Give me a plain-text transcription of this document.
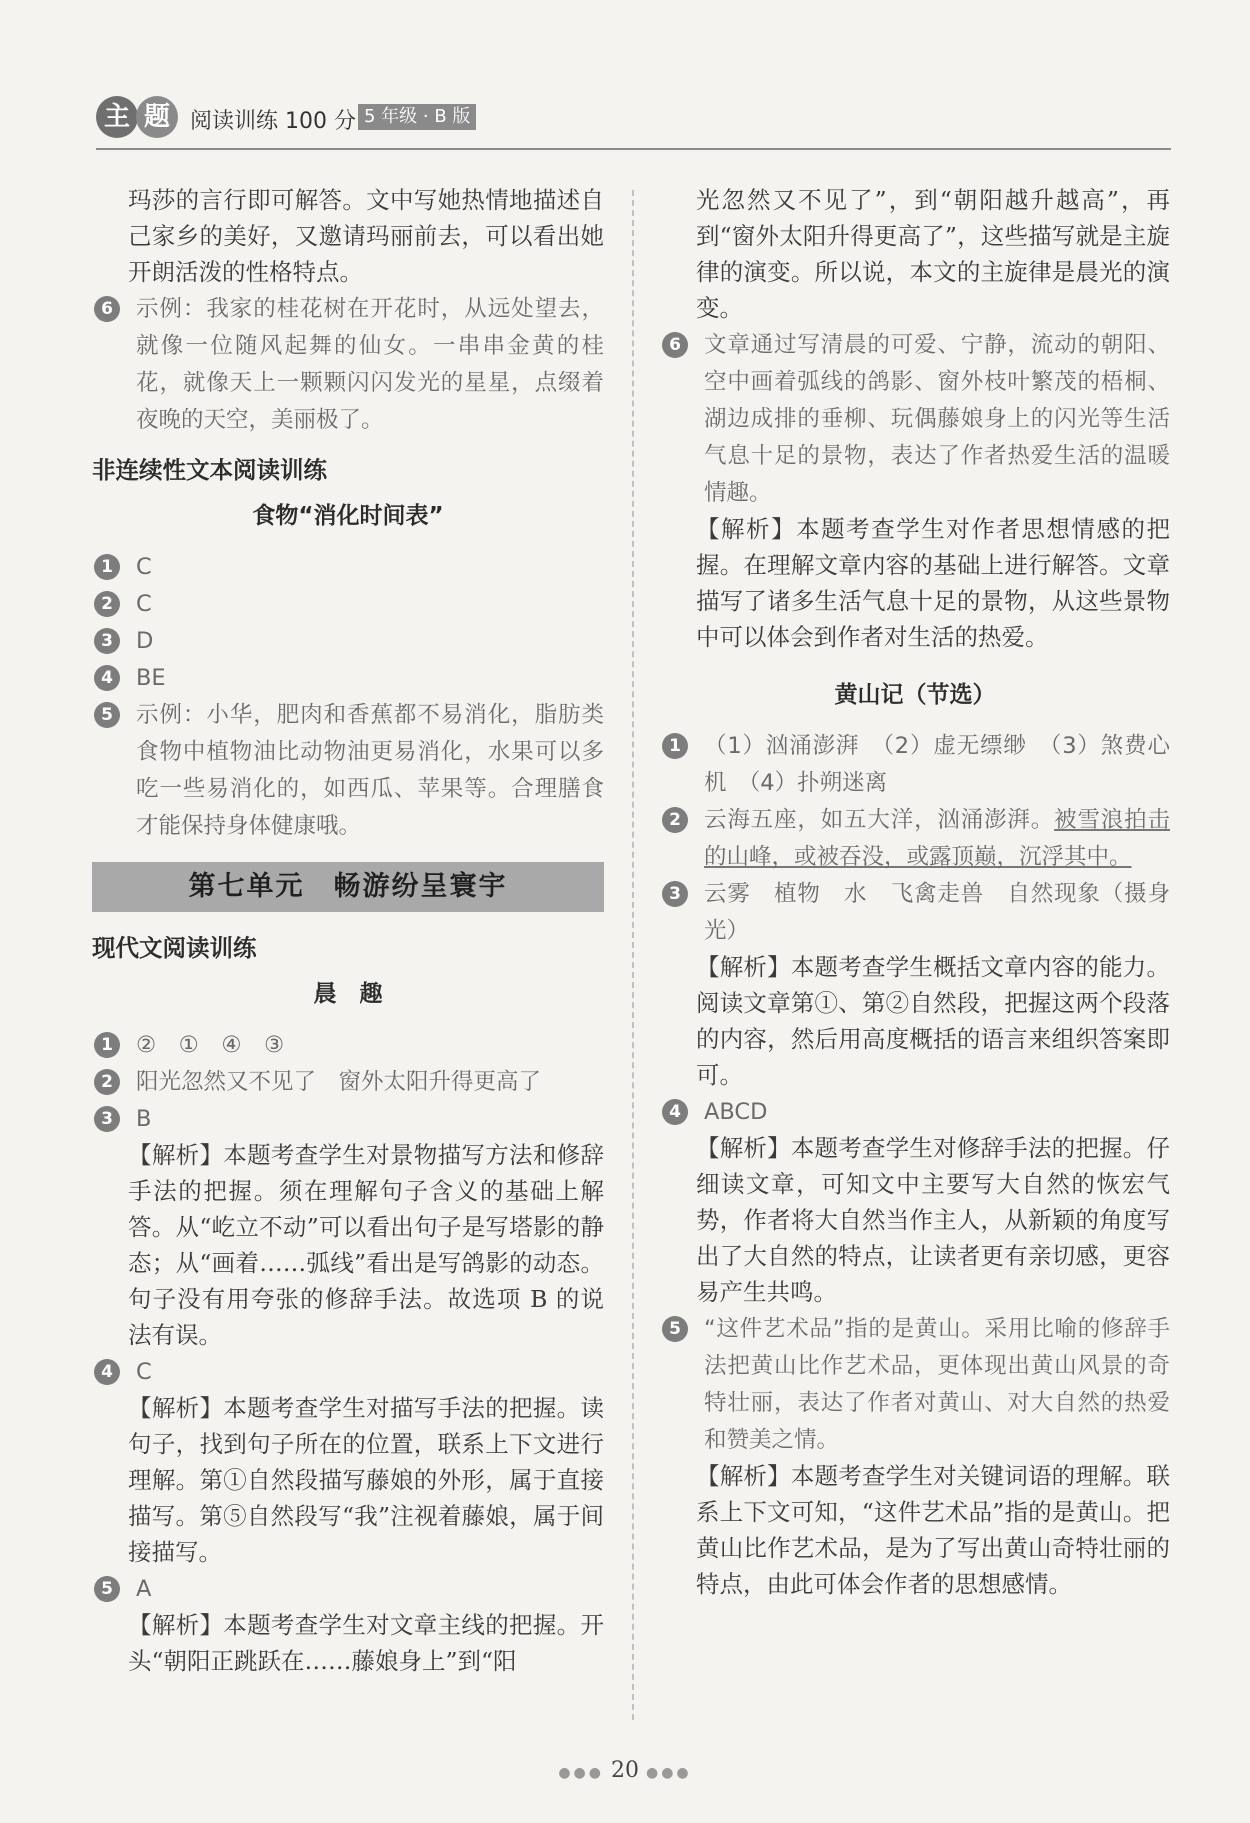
主 题 阅读训练 100 分 5 年级 · B 版

玛莎的言行即可解答。文中写她热情地描述自己家乡的美好，又邀请玛丽前去，可以看出她开朗活泼的性格特点。

6	示例：我家的桂花树在开花时，从远处望去，就像一位随风起舞的仙女。一串串金黄的桂花，就像天上一颗颗闪闪发光的星星，点缀着夜晚的天空，美丽极了。
非连续性文本阅读训练
食物“消化时间表”
1	C
2	C
3	D
4	BE
5	示例：小华，肥肉和香蕉都不易消化，脂肪类食物中植物油比动物油更易消化，水果可以多吃一些易消化的，如西瓜、苹果等。合理膳食才能保持身体健康哦。
第七单元　畅游纷呈寰宇
现代文阅读训练
晨　趣
1	②　①　④　③
2	阳光忽然又不见了　窗外太阳升得更高了
3	B

【解析】本题考查学生对景物描写方法和修辞手法的把握。须在理解句子含义的基础上解答。从“屹立不动”可以看出句子是写塔影的静态；从“画着……弧线”看出是写鸽影的动态。句子没有用夸张的修辞手法。故选项 B 的说法有误。

4	C

【解析】本题考查学生对描写手法的把握。读句子，找到句子所在的位置，联系上下文进行理解。第①自然段描写藤娘的外形，属于直接描写。第⑤自然段写“我”注视着藤娘，属于间接描写。

5	A

【解析】本题考查学生对文章主线的把握。开头“朝阳正跳跃在……藤娘身上”到“阳

光忽然又不见了”，到“朝阳越升越高”，再到“窗外太阳升得更高了”，这些描写就是主旋律的演变。所以说，本文的主旋律是晨光的演变。

6	文章通过写清晨的可爱、宁静，流动的朝阳、空中画着弧线的鸽影、窗外枝叶繁茂的梧桐、湖边成排的垂柳、玩偶藤娘身上的闪光等生活气息十足的景物，表达了作者热爱生活的温暖情趣。

【解析】本题考查学生对作者思想情感的把握。在理解文章内容的基础上进行解答。文章描写了诸多生活气息十足的景物，从这些景物中可以体会到作者对生活的热爱。

黄山记（节选）
1	（1）汹涌澎湃　（2）虚无缥缈　（3）煞费心机　（4）扑朔迷离
2	云海五座，如五大洋，汹涌澎湃。被雪浪拍击的山峰，或被吞没，或露顶巅，沉浮其中。
3	云雾　植物　水　飞禽走兽　自然现象（摄身光）

【解析】本题考查学生概括文章内容的能力。阅读文章第①、第②自然段，把握这两个段落的内容，然后用高度概括的语言来组织答案即可。

4	ABCD

【解析】本题考查学生对修辞手法的把握。仔细读文章，可知文中主要写大自然的恢宏气势，作者将大自然当作主人，从新颖的角度写出了大自然的特点，让读者更有亲切感，更容易产生共鸣。

5	“这件艺术品”指的是黄山。采用比喻的修辞手法把黄山比作艺术品，更体现出黄山风景的奇特壮丽，表达了作者对黄山、对大自然的热爱和赞美之情。

【解析】本题考查学生对关键词语的理解。联系上下文可知，“这件艺术品”指的是黄山。把黄山比作艺术品，是为了写出黄山奇特壮丽的特点，由此可体会作者的思想感情。

●●● 20 ●●●
